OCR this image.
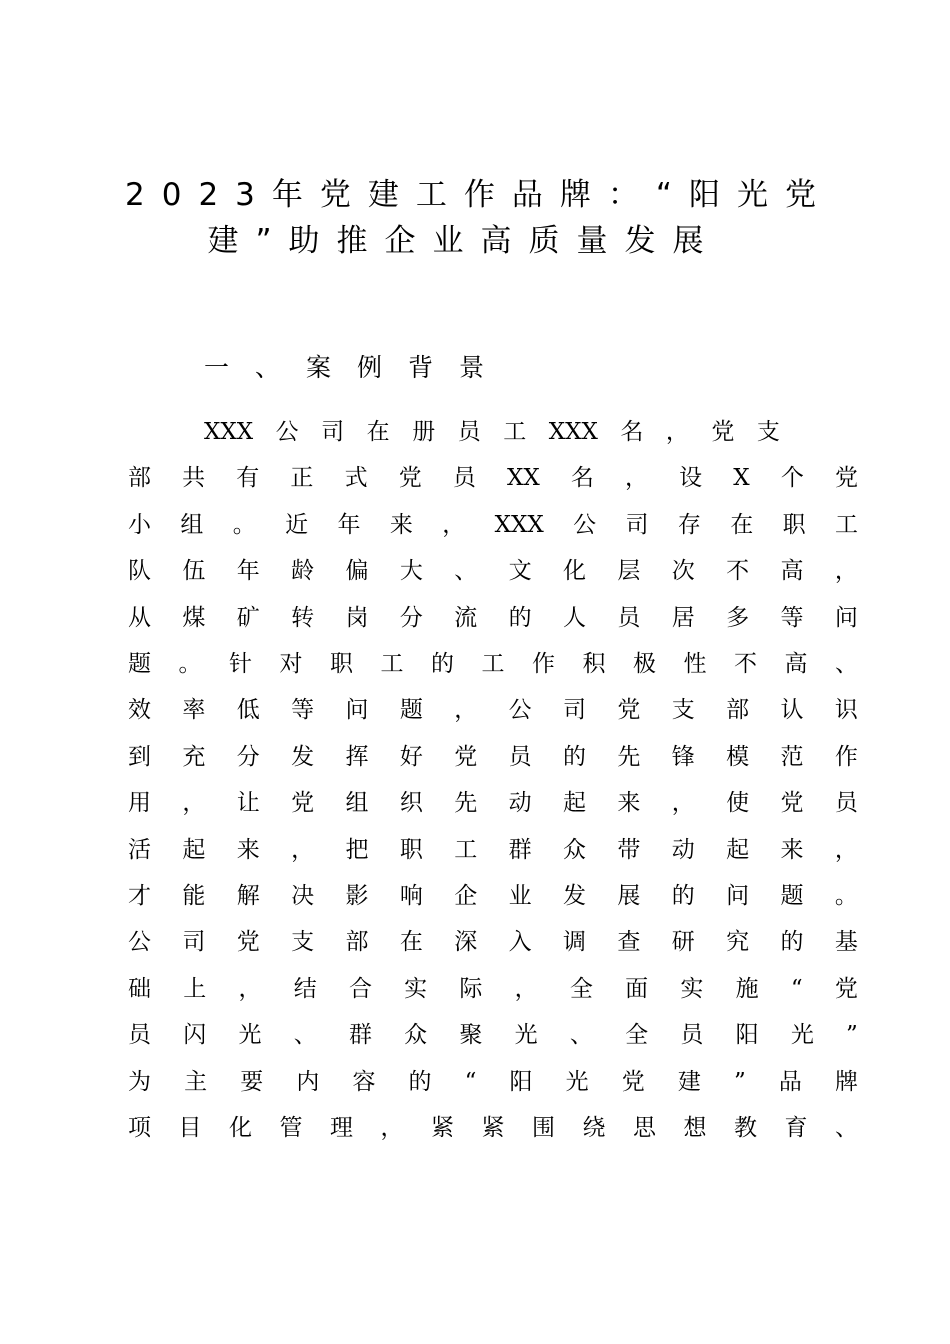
2023年党建工作品牌：“阳光党
建”助推企业高质量发展
一、案例背景
XXX 公 司 在 册 员 工 XXX 名 ， 党 支
部 共 有 正 式 党 员 XX 名 ， 设 X 个 党
小 组 。 近 年 来 ， XXX 公 司 存 在 职 工
队 伍 年 龄 偏 大 、 文 化 层 次 不 高 ，
从 煤 矿 转 岗 分 流 的 人 员 居 多 等 问
题 。 针 对 职 工 的 工 作 积 极 性 不 高 、
效 率 低 等 问 题 ， 公 司 党 支 部 认 识
到 充 分 发 挥 好 党 员 的 先 锋 模 范 作
用 ， 让 党 组 织 先 动 起 来 ， 使 党 员
活 起 来 ， 把 职 工 群 众 带 动 起 来 ，
才 能 解 决 影 响 企 业 发 展 的 问 题 。
公 司 党 支 部 在 深 入 调 查 研 究 的 基
础 上 ， 结 合 实 际 ， 全 面 实 施 “ 党
员 闪 光 、 群 众 聚 光 、 全 员 阳 光 ”
为 主 要 内 容 的 “ 阳 光 党 建 ” 品 牌
项 目 化 管 理 ， 紧 紧 围 绕 思 想 教 育 、
